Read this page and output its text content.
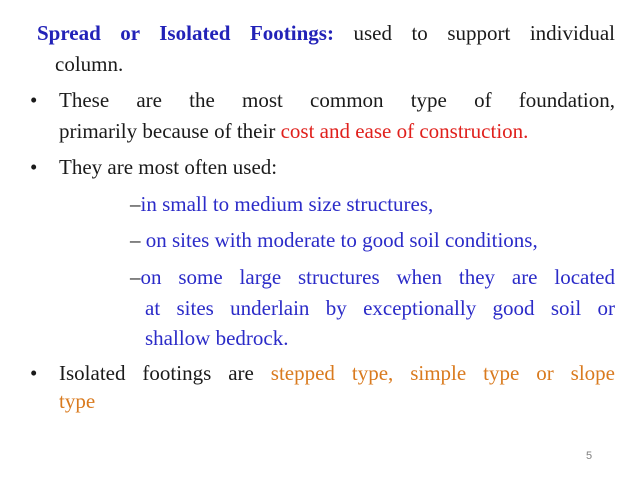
Spread or Isolated Footings: used to support individual
column.
• These are the most common type of foundation,
primarily because of their cost and ease of construction.
• They are most often used:
–in small to medium size structures,
– on sites with moderate to good soil conditions,
–on some large structures when they are located
at sites underlain by exceptionally good soil or
shallow bedrock.
• Isolated footings are stepped type, simple type or slope
type
5
